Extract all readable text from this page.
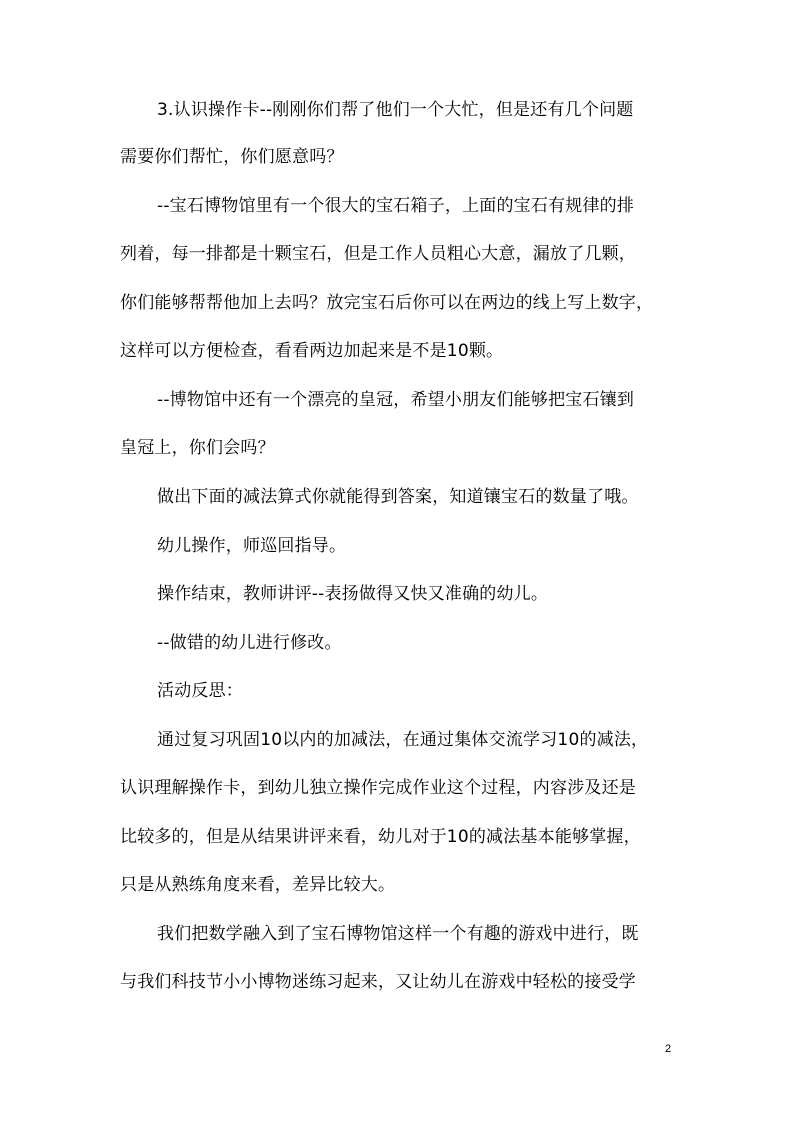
3.认识操作卡--刚刚你们帮了他们一个大忙，但是还有几个问题
需要你们帮忙，你们愿意吗？
--宝石博物馆里有一个很大的宝石箱子，上面的宝石有规律的排
列着，每一排都是十颗宝石，但是工作人员粗心大意，漏放了几颗，
你们能够帮帮他加上去吗？放完宝石后你可以在两边的线上写上数字，
这样可以方便检查，看看两边加起来是不是10颗。
--博物馆中还有一个漂亮的皇冠，希望小朋友们能够把宝石镶到
皇冠上，你们会吗？
做出下面的减法算式你就能得到答案，知道镶宝石的数量了哦。
幼儿操作，师巡回指导。
操作结束，教师讲评--表扬做得又快又准确的幼儿。
--做错的幼儿进行修改。
活动反思：
通过复习巩固10以内的加减法，在通过集体交流学习10的减法，
认识理解操作卡，到幼儿独立操作完成作业这个过程，内容涉及还是
比较多的，但是从结果讲评来看，幼儿对于10的减法基本能够掌握，
只是从熟练角度来看，差异比较大。
我们把数学融入到了宝石博物馆这样一个有趣的游戏中进行，既
与我们科技节小小博物迷练习起来，又让幼儿在游戏中轻松的接受学
2
